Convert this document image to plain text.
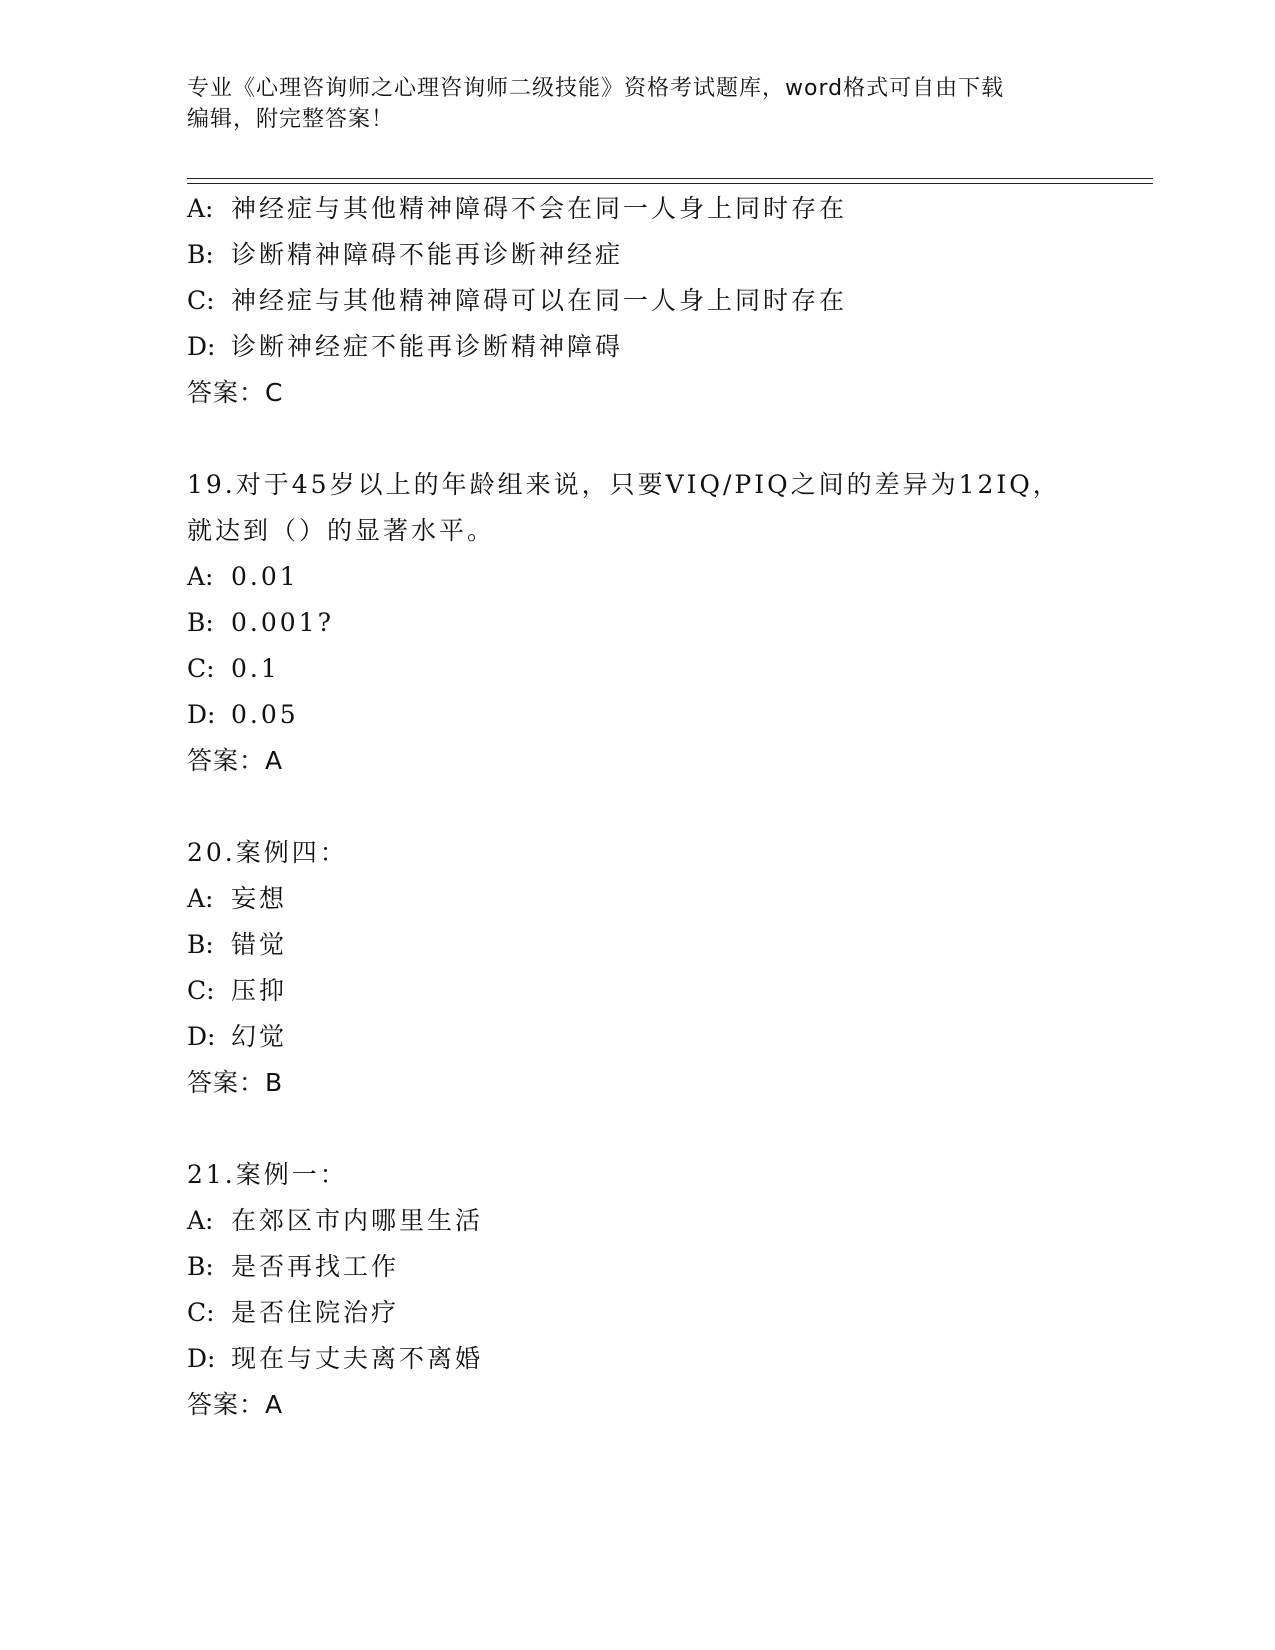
专业《心理咨询师之心理咨询师二级技能》资格考试题库，word格式可自由下载
编辑，附完整答案！
A: 神经症与其他精神障碍不会在同一人身上同时存在
B: 诊断精神障碍不能再诊断神经症
C: 神经症与其他精神障碍可以在同一人身上同时存在
D: 诊断神经症不能再诊断精神障碍
答案：C
19.对于45岁以上的年龄组来说，只要VIQ/PIQ之间的差异为12IQ，
就达到（）的显著水平。
A: 0.01
B: 0.001?
C: 0.1
D: 0.05
答案：A
20.案例四：
A: 妄想
B: 错觉
C: 压抑
D: 幻觉
答案：B
21.案例一：
A: 在郊区市内哪里生活
B: 是否再找工作
C: 是否住院治疗
D: 现在与丈夫离不离婚
答案：A
